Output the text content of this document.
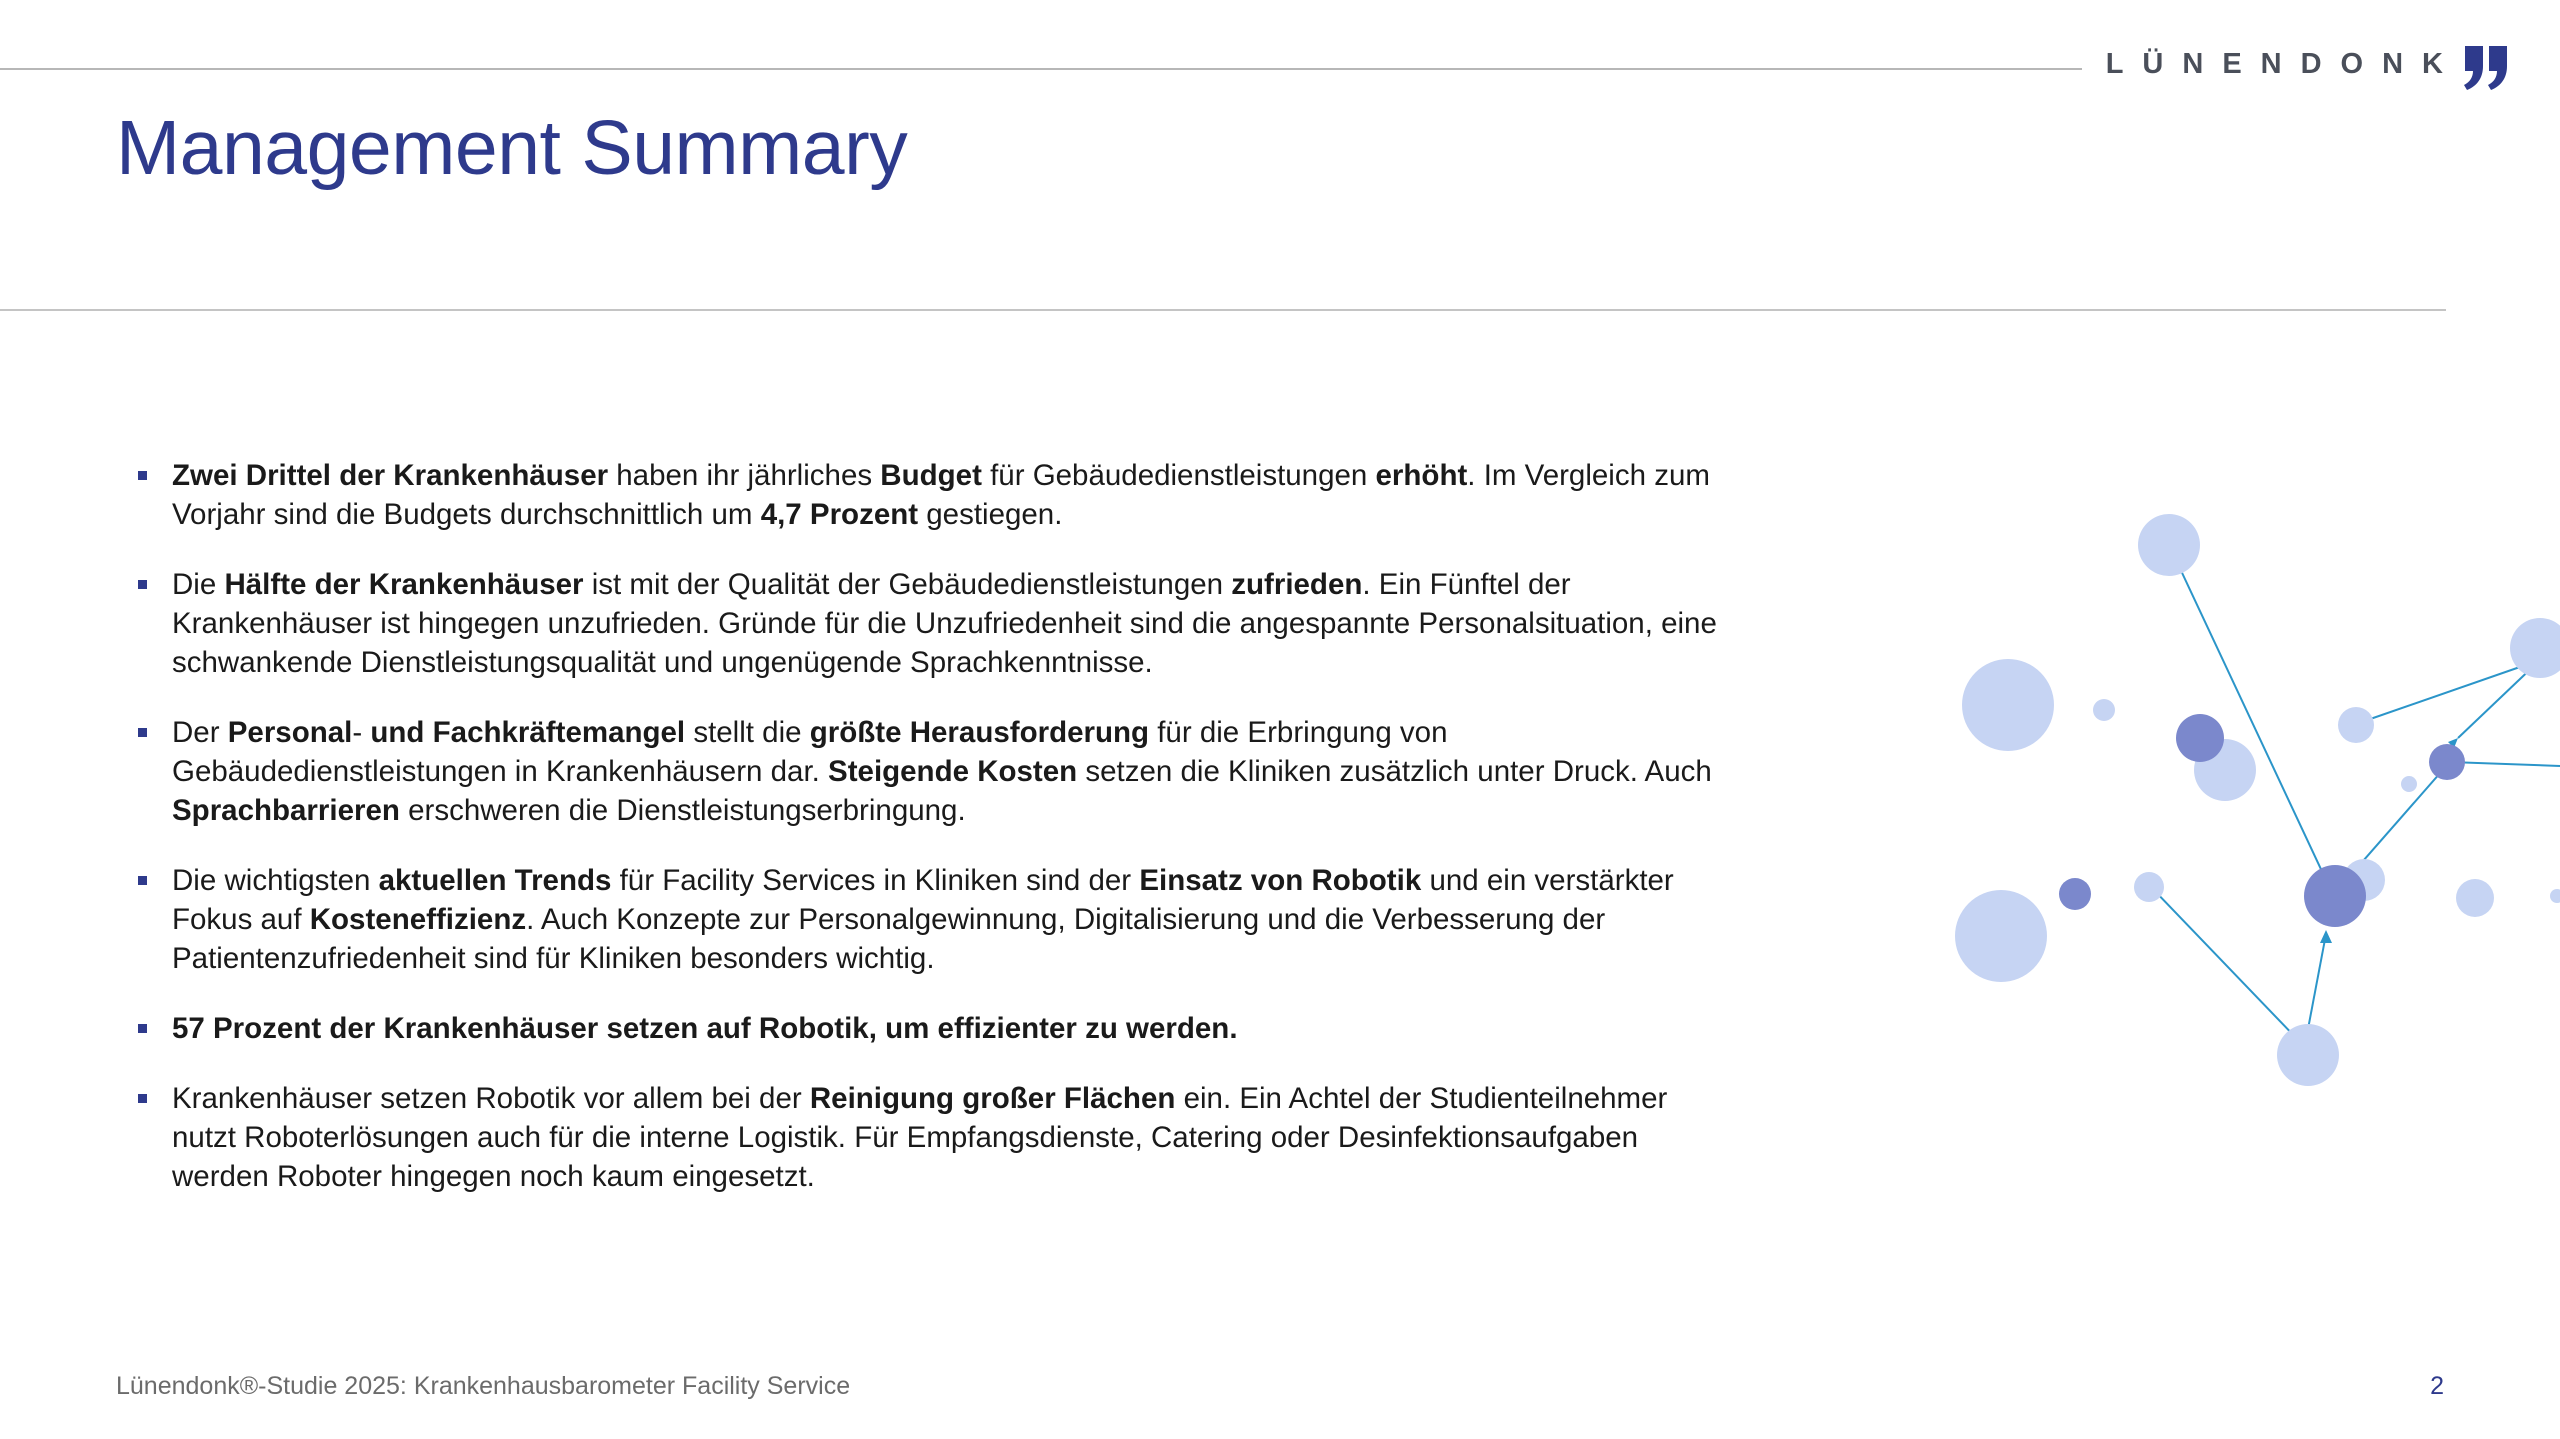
LÜNENDONK
Management Summary
Zwei Drittel der Krankenhäuser haben ihr jährliches Budget für Gebäudedienstleistungen erhöht. Im Vergleich zum Vorjahr sind die Budgets durchschnittlich um 4,7 Prozent gestiegen.
Die Hälfte der Krankenhäuser ist mit der Qualität der Gebäudedienstleistungen zufrieden. Ein Fünftel der Krankenhäuser ist hingegen unzufrieden. Gründe für die Unzufriedenheit sind die angespannte Personalsituation, eine schwankende Dienstleistungsqualität und ungenügende Sprachkenntnisse.
Der Personal- und Fachkräftemangel stellt die größte Herausforderung für die Erbringung von Gebäudedienstleistungen in Krankenhäusern dar. Steigende Kosten setzen die Kliniken zusätzlich unter Druck. Auch Sprachbarrieren erschweren die Dienstleistungserbringung.
Die wichtigsten aktuellen Trends für Facility Services in Kliniken sind der Einsatz von Robotik und ein verstärkter Fokus auf Kosteneffizienz. Auch Konzepte zur Personalgewinnung, Digitalisierung und die Verbesserung der Patientenzufriedenheit sind für Kliniken besonders wichtig.
57 Prozent der Krankenhäuser setzen auf Robotik, um effizienter zu werden.
Krankenhäuser setzen Robotik vor allem bei der Reinigung großer Flächen ein. Ein Achtel der Studienteilnehmer nutzt Roboterlösungen auch für die interne Logistik. Für Empfangsdienste, Catering oder Desinfektionsaufgaben werden Roboter hingegen noch kaum eingesetzt.
Lünendonk®-Studie 2025: Krankenhausbarometer Facility Service	2
